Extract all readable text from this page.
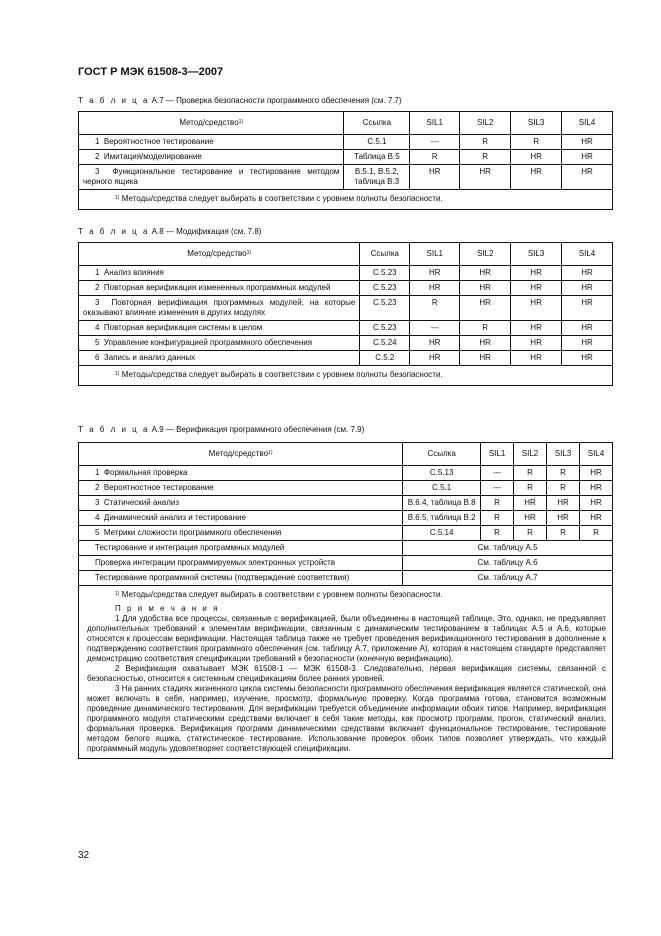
ГОСТ Р МЭК 61508-3—2007
Т а б л и ц а А.7 — Проверка безопасности программного обеспечения (см. 7.7)
Метод/средство$^{1)}$	Ссылка	SIL1	SIL2	SIL3	SIL4
1 Вероятностное тестирование	С.5.1	---	R	R	HR
2 Имитация/моделирование	Таблица В.5	R	R	HR	HR
3 Функциональное тестирование и тестирование методом черного ящика	В.5.1, В.5.2, таблица В.3	HR	HR	HR	HR
$^{1)}$ Методы/средства следует выбирать в соответствии с уровнем полноты безопасности.					
Т а б л и ц а А.8 — Модификация (см. 7.8)
Метод/средство$^{1)}$	Ссылка	SIL1	SIL2	SIL3	SIL4
1 Анализ влияния	С.5.23	HR	HR	HR	HR
2 Повторная верификация измененных программных модулей	С.5.23	HR	HR	HR	HR
3 Повторная верификация программных модулей, на которые оказывают влияние изменения в других модулях	С.5.23	R	HR	HR	HR
4 Повторная верификация системы в целом	С.5.23	---	R	HR	HR
5 Управление конфигурацией программного обеспечения	С.5.24	HR	HR	HR	HR
6 Запись и анализ данных	С.5.2	HR	HR	HR	HR
$^{1)}$ Методы/средства следует выбирать в соответствии с уровнем полноты безопасности.					
Т а б л и ц а А.9 — Верификация программного обеспечения (см. 7.9)
Метод/средство$^{1)}$	Ссылка	SIL1	SIL2	SIL3	SIL4
1 Формальная проверка	С.5.13	---	R	R	HR
2 Вероятностное тестирование	С.5.1	---	R	R	HR
3 Статический анализ	В.6.4, таблица В.8	R	HR	HR	HR
4 Динамический анализ и тестирование	В.6.5, таблица В.2	R	HR	HR	HR
5 Метрики сложности программного обеспечения	С.5.14	R	R	R	R
Тестирование и интеграция программных модулей	См. таблицу А.5				
Проверка интеграции программируемых электронных устройств	См. таблицу А.6				
Тестирование программной системы (подтверждение соответствия)	См. таблицу А.7				

$^{1)}$ Методы/средства следует выбирать в соответствии с уровнем полноты безопасности.

П р и м е ч а н и я

1 Для удобства все процессы, связанные с верификацией, были объединены в настоящей таблице. Это, однако, не предъявляет дополнительных требований к элементам верификации, связанным с динамическим тестированием в таблицах А.5 и А.6, которые относятся к процессам верификации. Настоящая таблица также не требует проведения верификационного тестирования в дополнение к подтверждению соответствия программного обеспечения (см. таблицу А.7, приложение А), которая в настоящем стандарте представляет демонстрацию соответствия спецификации требований к безопасности (конечную верификацию).

2 Верификация охватывает МЭК 61508-1 — МЭК 61508-3. Следовательно, первая верификация системы, связанной с безопасностью, относится к системным спецификациям более ранних уровней.

3 На ранних стадиях жизненного цикла системы безопасности программного обеспечения верификация является статической, она может включать в себя, например, изучение, просмотр, формальную проверку. Когда программа готова, становится возможным проведение динамического тестирования. Для верификации требуется объединение информации обоих типов. Например, верификация программного модуля статическими средствами включает в себя такие методы, как просмотр программ, прогон, статический анализ, формальная проверка. Верификация программ динамическими средствами включает функциональное тестирование, тестирование методом белого ящика, статистическое тестирование. Использование проверок обоих типов позволяет утверждать, что каждый программный модуль удовлетворяет соответствующей спецификации.					

32
